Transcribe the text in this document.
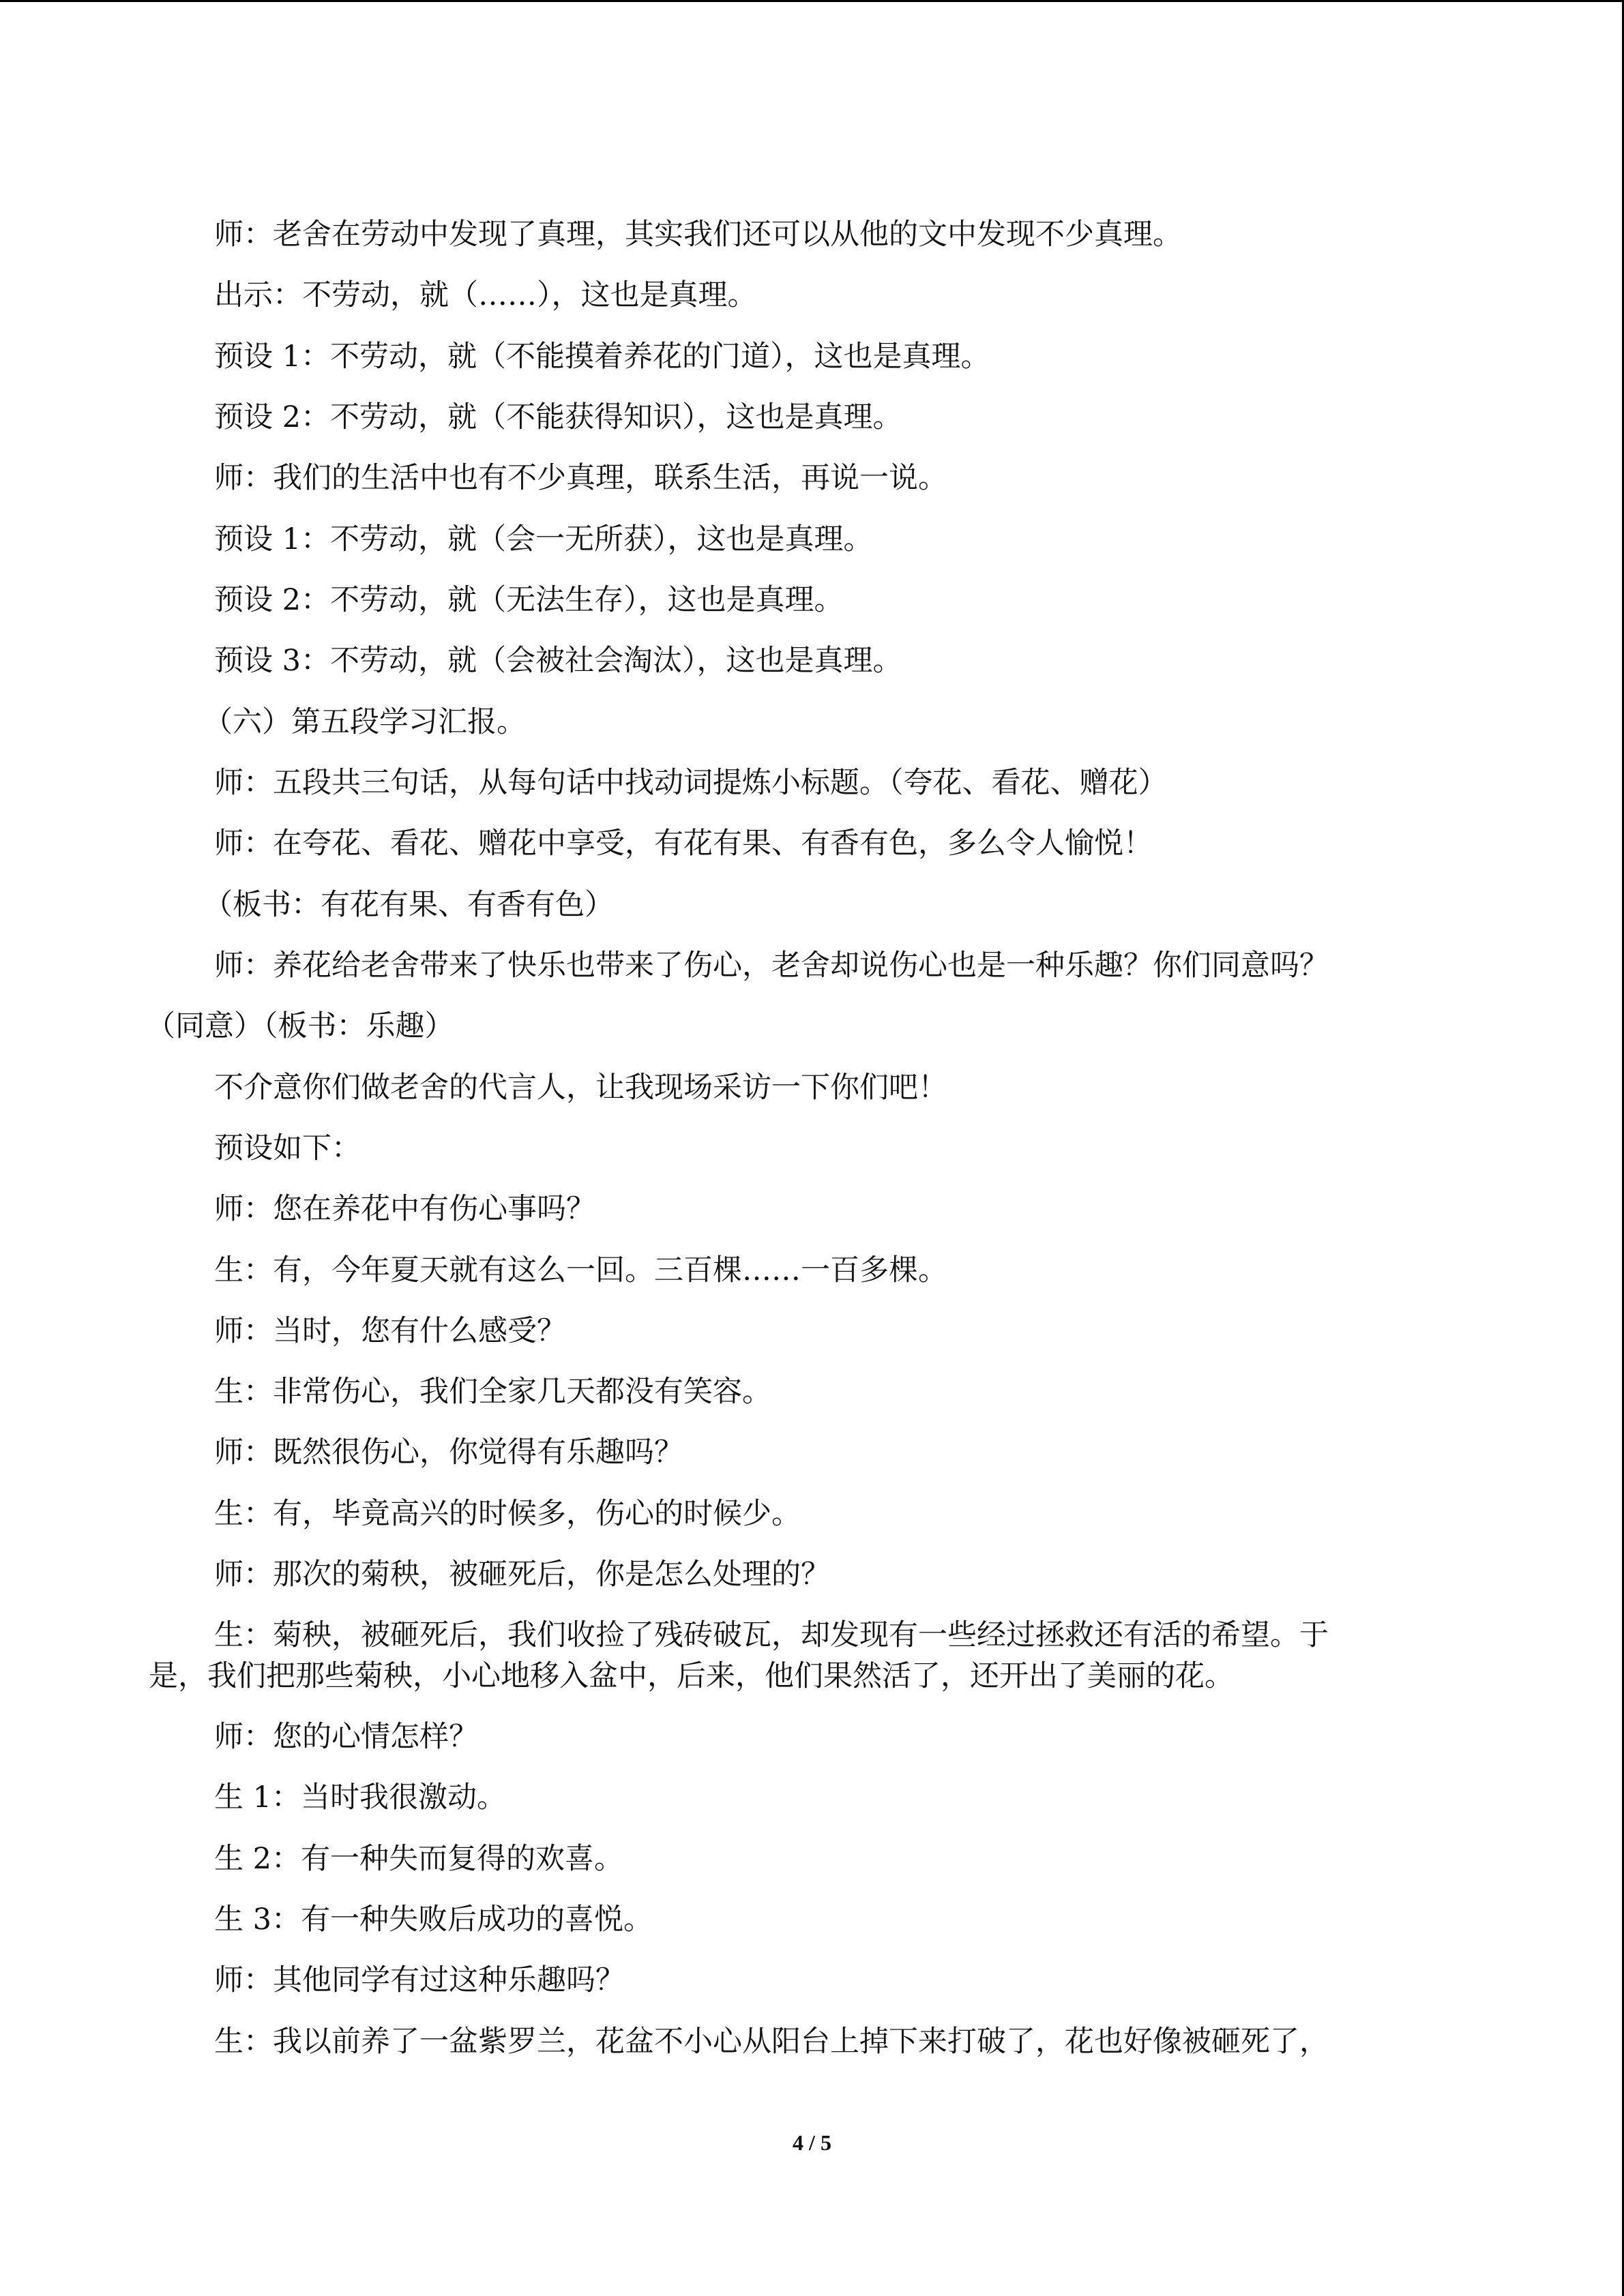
师：老舍在劳动中发现了真理，其实我们还可以从他的文中发现不少真理。
出示：不劳动，就（……），这也是真理。
预设 1：不劳动，就（不能摸着养花的门道），这也是真理。
预设 2：不劳动，就（不能获得知识），这也是真理。
师：我们的生活中也有不少真理，联系生活，再说一说。
预设 1：不劳动，就（会一无所获），这也是真理。
预设 2：不劳动，就（无法生存），这也是真理。
预设 3：不劳动，就（会被社会淘汰），这也是真理。
（六）第五段学习汇报。
师：五段共三句话，从每句话中找动词提炼小标题。（夸花、看花、赠花）
师：在夸花、看花、赠花中享受，有花有果、有香有色，多么令人愉悦！
（板书：有花有果、有香有色）
师：养花给老舍带来了快乐也带来了伤心，老舍却说伤心也是一种乐趣？你们同意吗？
（同意）（板书：乐趣）
不介意你们做老舍的代言人，让我现场采访一下你们吧！
预设如下：
师：您在养花中有伤心事吗？
生：有，今年夏天就有这么一回。三百棵……一百多棵。
师：当时，您有什么感受？
生：非常伤心，我们全家几天都没有笑容。
师：既然很伤心，你觉得有乐趣吗？
生：有，毕竟高兴的时候多，伤心的时候少。
师：那次的菊秧，被砸死后，你是怎么处理的？
生：菊秧，被砸死后，我们收捡了残砖破瓦，却发现有一些经过拯救还有活的希望。于
是，我们把那些菊秧，小心地移入盆中，后来，他们果然活了，还开出了美丽的花。
师：您的心情怎样？
生 1：当时我很激动。
生 2：有一种失而复得的欢喜。
生 3：有一种失败后成功的喜悦。
师：其他同学有过这种乐趣吗？
生：我以前养了一盆紫罗兰，花盆不小心从阳台上掉下来打破了，花也好像被砸死了，
4 / 5
